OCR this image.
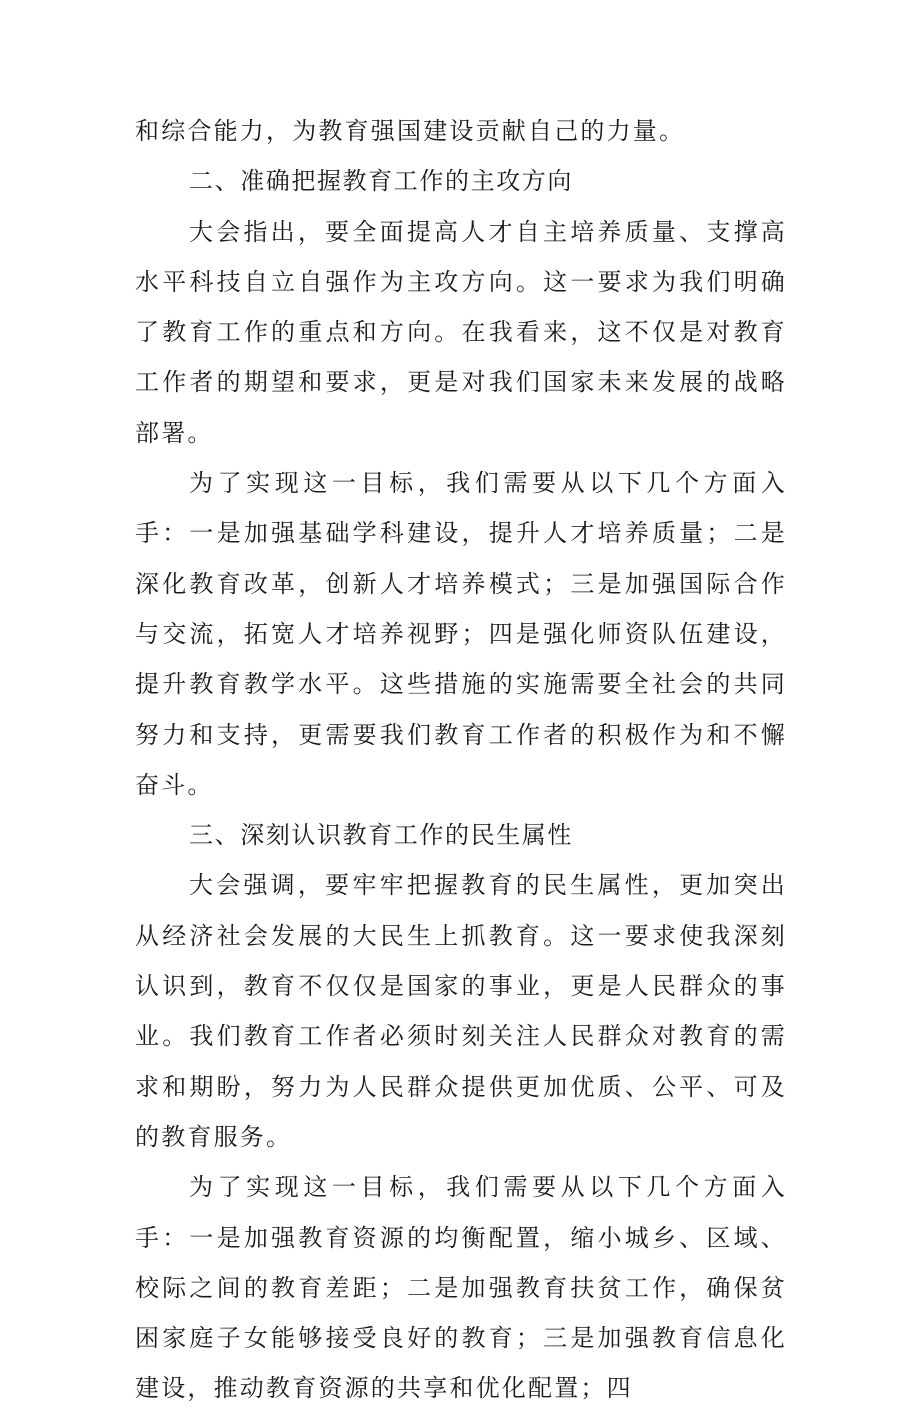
和综合能力，为教育强国建设贡献自己的力量。

二、准确把握教育工作的主攻方向

大会指出，要全面提高人才自主培养质量、支撑高水平科技自立自强作为主攻方向。这一要求为我们明确了教育工作的重点和方向。在我看来，这不仅是对教育工作者的期望和要求，更是对我们国家未来发展的战略部署。

为了实现这一目标，我们需要从以下几个方面入手：一是加强基础学科建设，提升人才培养质量；二是深化教育改革，创新人才培养模式；三是加强国际合作与交流，拓宽人才培养视野；四是强化师资队伍建设，提升教育教学水平。这些措施的实施需要全社会的共同努力和支持，更需要我们教育工作者的积极作为和不懈奋斗。

三、深刻认识教育工作的民生属性

大会强调，要牢牢把握教育的民生属性，更加突出从经济社会发展的大民生上抓教育。这一要求使我深刻认识到，教育不仅仅是国家的事业，更是人民群众的事业。我们教育工作者必须时刻关注人民群众对教育的需求和期盼，努力为人民群众提供更加优质、公平、可及的教育服务。

为了实现这一目标，我们需要从以下几个方面入手：一是加强教育资源的均衡配置，缩小城乡、区域、校际之间的教育差距；二是加强教育扶贫工作，确保贫困家庭子女能够接受良好的教育；三是加强教育信息化建设，推动教育资源的共享和优化配置；四
